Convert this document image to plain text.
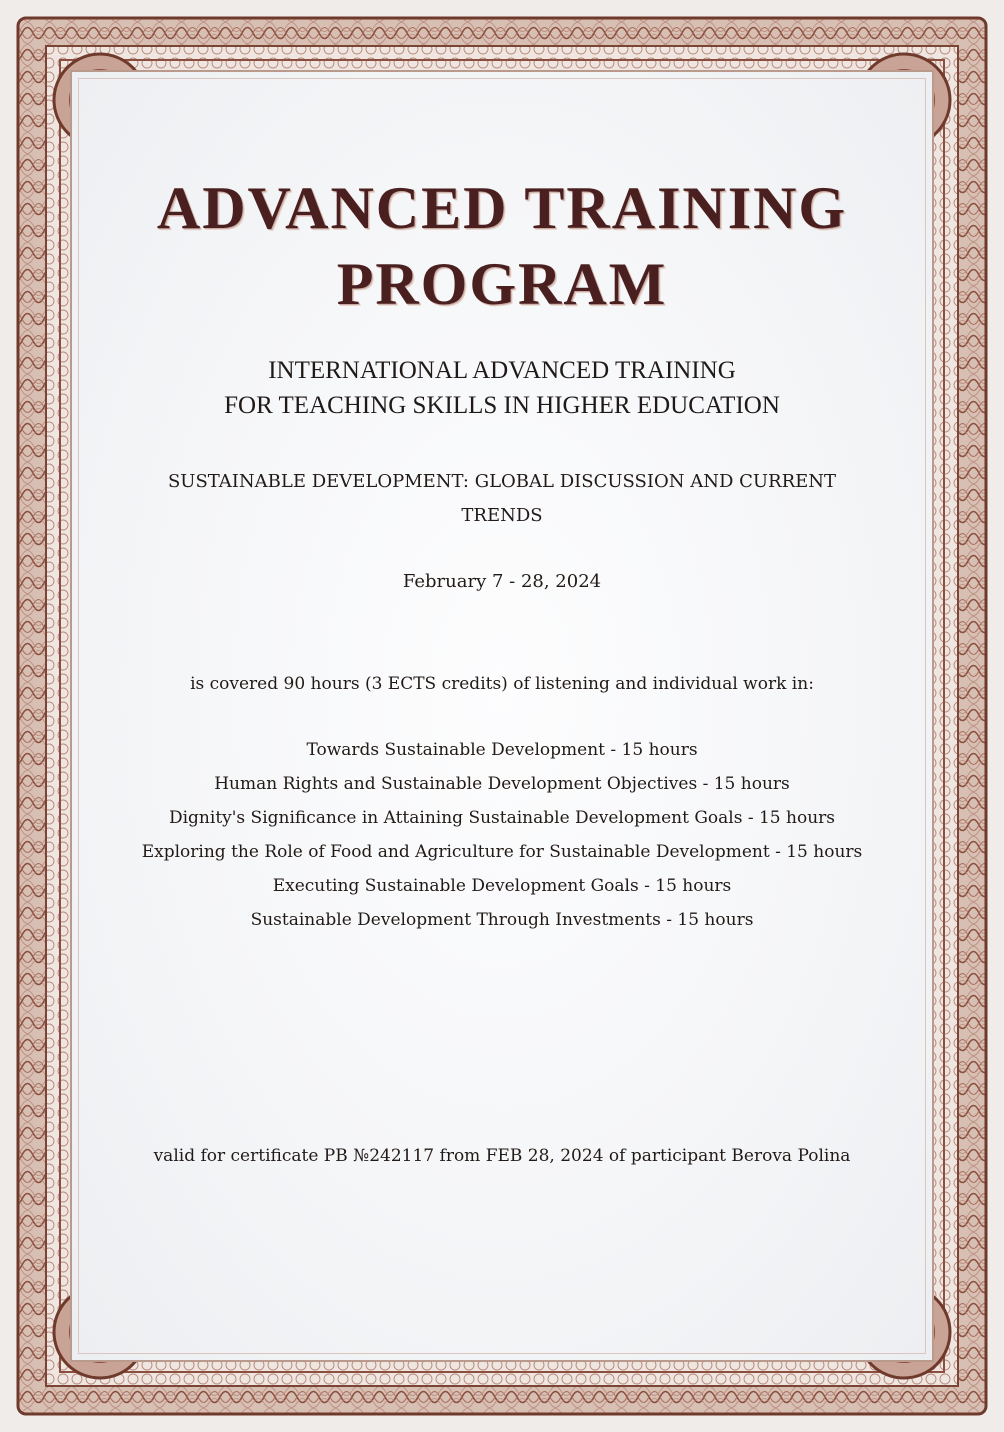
ADVANCED TRAINING
PROGRAM
INTERNATIONAL ADVANCED TRAINING
FOR TEACHING SKILLS IN HIGHER EDUCATION
SUSTAINABLE DEVELOPMENT: GLOBAL DISCUSSION AND CURRENT TRENDS
February 7 - 28, 2024
is covered 90 hours (3 ECTS credits) of listening and individual work in:
Towards Sustainable Development - 15 hours
Human Rights and Sustainable Development Objectives - 15 hours
Dignity's Significance in Attaining Sustainable Development Goals - 15 hours
Exploring the Role of Food and Agriculture for Sustainable Development - 15 hours
Executing Sustainable Development Goals - 15 hours
Sustainable Development Through Investments - 15 hours
valid for certificate PB №242117 from FEB 28, 2024 of participant Berova Polina
